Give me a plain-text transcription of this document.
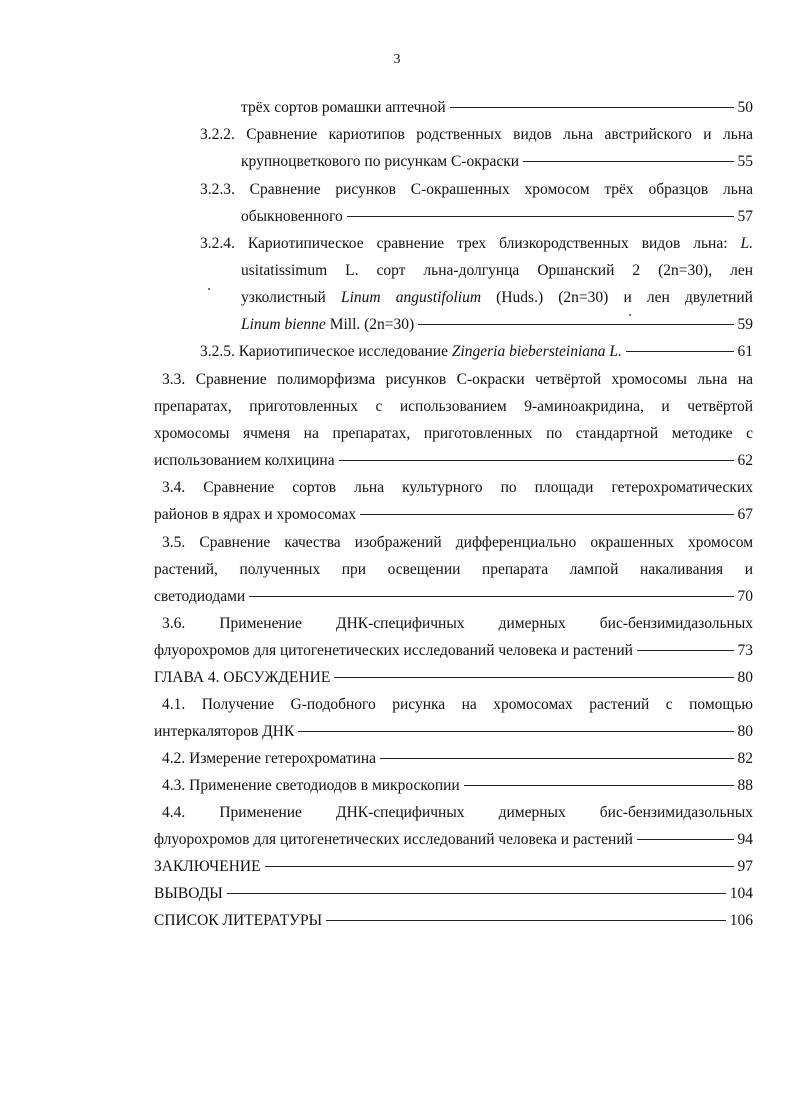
3
трёх сортов ромашки аптечной	50
3.2.2. Сравнение кариотипов родственных видов льна австрийского и льна
крупноцветкового по рисункам С-окраски	55
3.2.3. Сравнение рисунков С-окрашенных хромосом трёх образцов льна
обыкновенного	57
3.2.4. Кариотипическое сравнение трех близкородственных видов льна: L.
usitatissimum L. сорт льна-долгунца Оршанский 2 (2n=30), лен
узколистный Linum angustifolium (Huds.) (2n=30) и лен двулетний
Linum bienne Mill. (2n=30)	59
3.2.5. Кариотипическое исследование Zingeria biebersteiniana L.	61
3.3. Сравнение полиморфизма рисунков С-окраски четвёртой хромосомы льна на
препаратах, приготовленных с использованием 9-аминоакридина, и четвёртой
хромосомы ячменя на препаратах, приготовленных по стандартной методике с
использованием колхицина	62
3.4. Сравнение сортов льна культурного по площади гетерохроматических
районов в ядрах и хромосомах	67
3.5. Сравнение качества изображений дифференциально окрашенных хромосом
растений, полученных при освещении препарата лампой накаливания и
светодиодами	70
3.6. Применение ДНК-специфичных димерных бис-бензимидазольных
флуорохромов для цитогенетических исследований человека и растений	73
ГЛАВА 4. ОБСУЖДЕНИЕ	80
4.1. Получение G-подобного рисунка на хромосомах растений с помощью
интеркаляторов ДНК	80
4.2. Измерение гетерохроматина	82
4.3. Применение светодиодов в микроскопии	88
4.4. Применение ДНК-специфичных димерных бис-бензимидазольных
флуорохромов для цитогенетических исследований человека и растений	94
ЗАКЛЮЧЕНИЕ	97
ВЫВОДЫ	104
СПИСОК ЛИТЕРАТУРЫ	106
